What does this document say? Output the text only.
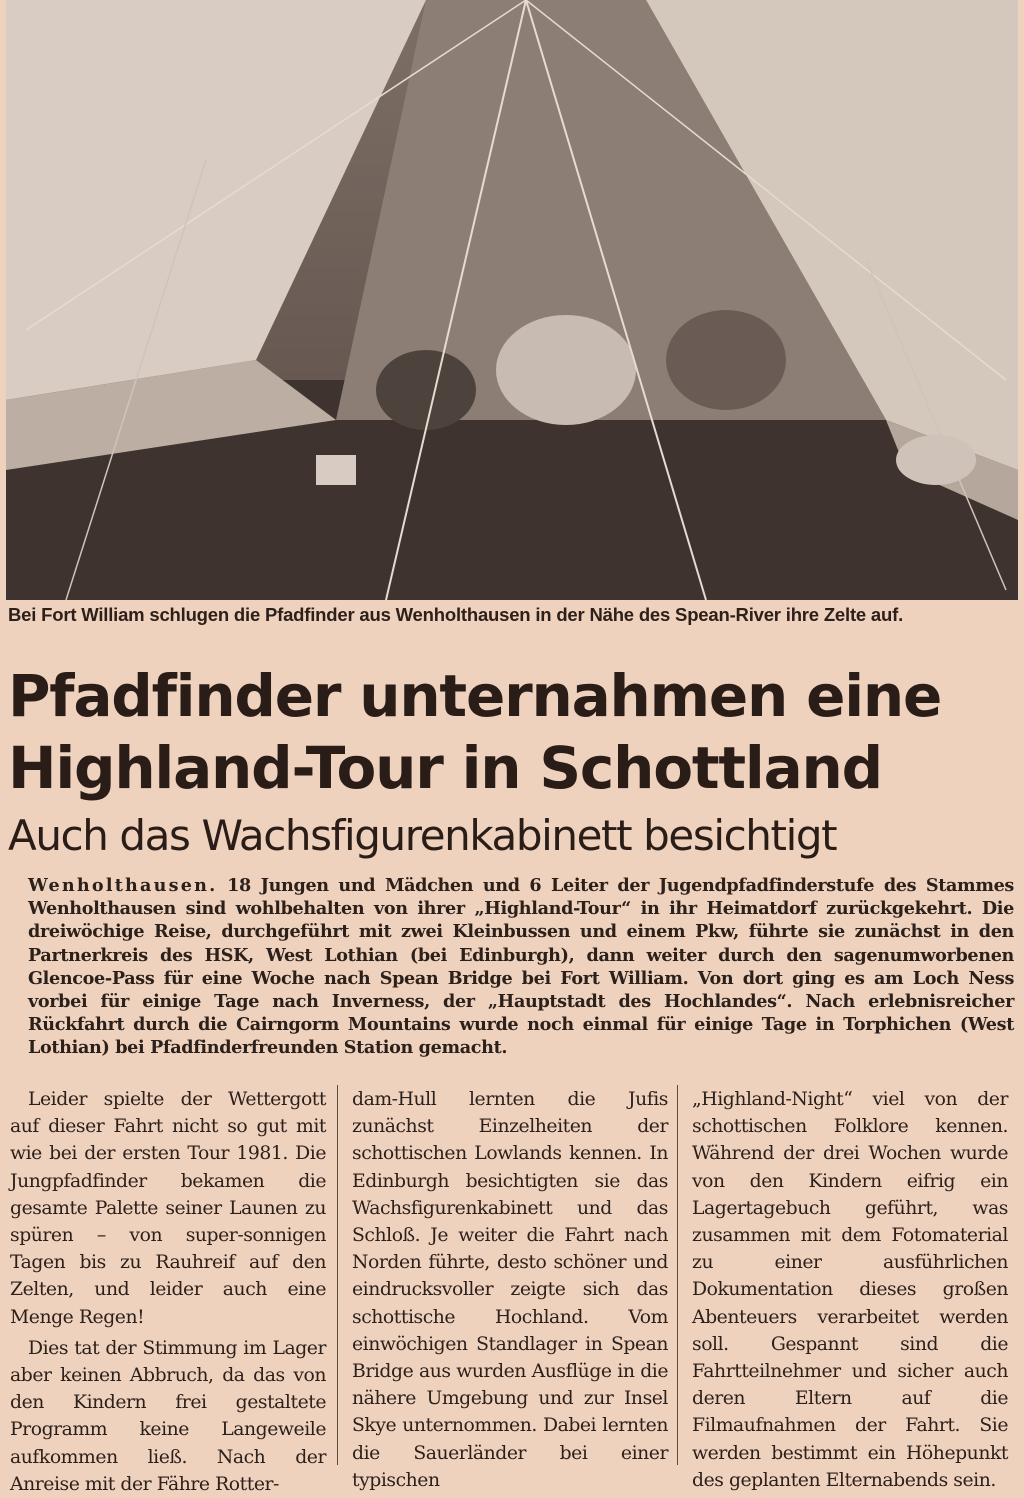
Bei Fort William schlugen die Pfadfinder aus Wenholthausen in der Nähe des Spean-River ihre Zelte auf.
Pfadfinder unternahmen eine
Highland-Tour in Schottland
Auch das Wachsfigurenkabinett besichtigt
Wenholthausen. 18 Jungen und Mädchen und 6 Leiter der Jugendpfadfinderstufe des Stammes Wenholthausen sind wohlbehalten von ihrer „Highland-Tour“ in ihr Heimatdorf zurückgekehrt. Die dreiwöchige Reise, durchgeführt mit zwei Kleinbussen und einem Pkw, führte sie zunächst in den Partnerkreis des HSK, West Lothian (bei Edinburgh), dann weiter durch den sagenumworbenen Glencoe-Pass für eine Woche nach Spean Bridge bei Fort William. Von dort ging es am Loch Ness vorbei für einige Tage nach Inverness, der „Hauptstadt des Hochlandes“. Nach erlebnisreicher Rückfahrt durch die Cairngorm Mountains wurde noch einmal für einige Tage in Torphichen (West Lothian) bei Pfadfinderfreunden Station gemacht.

Leider spielte der Wettergott auf dieser Fahrt nicht so gut mit wie bei der ersten Tour 1981. Die Jungpfadfinder bekamen die gesamte Palette seiner Launen zu spüren – von super-sonnigen Tagen bis zu Rauhreif auf den Zelten, und leider auch eine Menge Regen!

Dies tat der Stimmung im Lager aber keinen Abbruch, da das von den Kindern frei gestaltete Programm keine Langeweile aufkommen ließ. Nach der Anreise mit der Fähre Rotter-

dam-Hull lernten die Jufis zunächst Einzelheiten der schottischen Lowlands kennen. In Edinburgh besichtigten sie das Wachsfigurenkabinett und das Schloß. Je weiter die Fahrt nach Norden führte, desto schöner und eindrucksvoller zeigte sich das schottische Hochland. Vom einwöchigen Standlager in Spean Bridge aus wurden Ausflüge in die nähere Umgebung und zur Insel Skye unternommen. Dabei lernten die Sauerländer bei einer typischen

„Highland-Night“ viel von der schottischen Folklore kennen. Während der drei Wochen wurde von den Kindern eifrig ein Lagertagebuch geführt, was zusammen mit dem Fotomaterial zu einer ausführlichen Dokumentation dieses großen Abenteuers verarbeitet werden soll. Gespannt sind die Fahrtteilnehmer und sicher auch deren Eltern auf die Filmaufnahmen der Fahrt. Sie werden bestimmt ein Höhepunkt des geplanten Elternabends sein.
